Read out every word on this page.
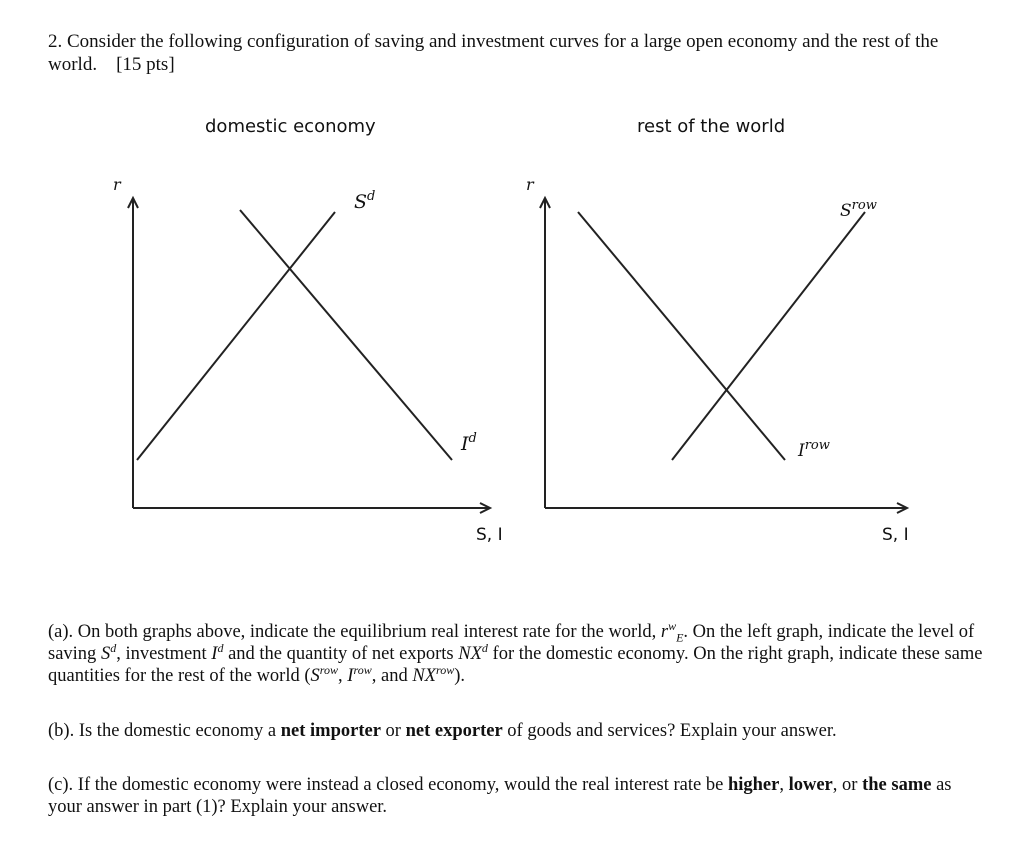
2. Consider the following configuration of saving and investment curves for a large open economy and the rest of the world. [15 pts]
domestic economy	rest of the world
r
S, I
$S^d$
$I^d$
r
S, I
$S^{row}$
$I^{row}$
(a). On both graphs above, indicate the equilibrium real interest rate for the world, $r^w_E$. On the left graph, indicate the level of saving $S^d$, investment $I^d$ and the quantity of net exports $NX^d$ for the domestic economy. On the right graph, indicate these same quantities for the rest of the world ($S^{row}$, $I^{row}$, and $NX^{row}$).
(b). Is the domestic economy a net importer or net exporter of goods and services? Explain your answer.
(c). If the domestic economy were instead a closed economy, would the real interest rate be higher, lower, or the same as your answer in part (1)? Explain your answer.
